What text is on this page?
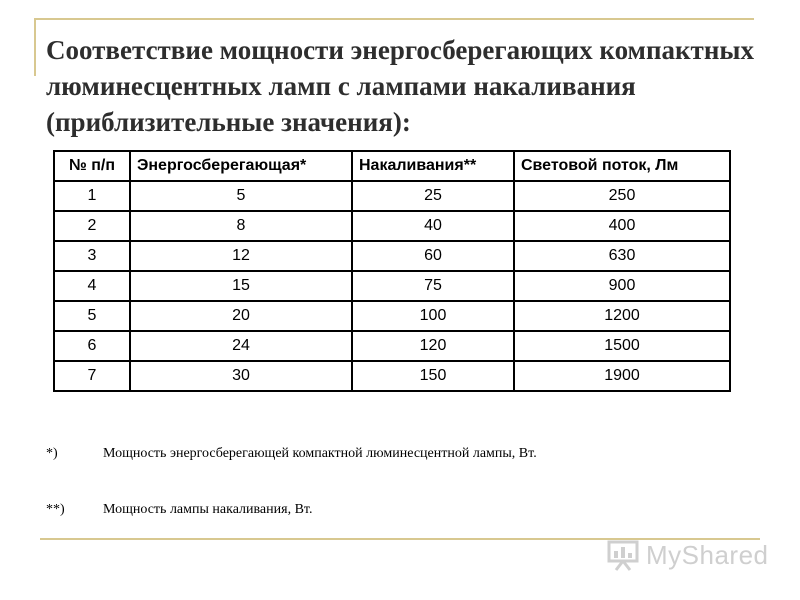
Соответствие мощности энергосберегающих компактных люминесцентных ламп с лампами накаливания (приблизительные значения):
№ п/п	Энергосберегающая*	Накаливания**	Световой поток, Лм
1	5	25	250
2	8	40	400
3	12	60	630
4	15	75	900
5	20	100	1200
6	24	120	1500
7	30	150	1900
*)	Мощность энергосберегающей компактной люминесцентной лампы, Вт.
**)	Мощность лампы накаливания, Вт.
MyShared
